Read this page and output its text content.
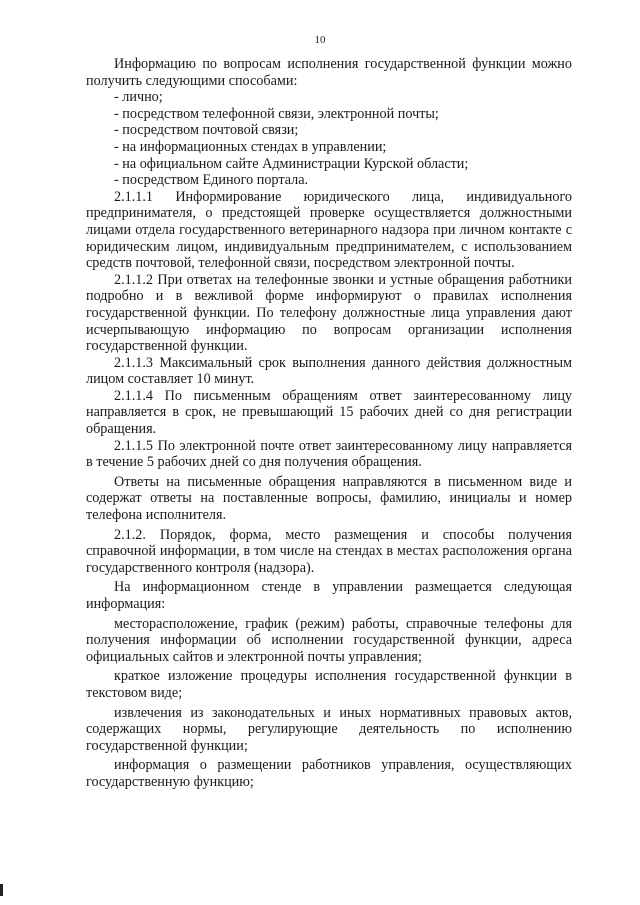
10

Информацию по вопросам исполнения государственной функции можно получить следующими способами:

- лично;

- посредством телефонной связи, электронной почты;

- посредством почтовой связи;

- на информационных стендах в управлении;

- на официальном сайте Администрации Курской области;

- посредством Единого портала.

2.1.1.1 Информирование юридического лица, индивидуального предпринимателя, о предстоящей проверке осуществляется должностными лицами отдела государственного ветеринарного надзора при личном контакте с юридическим лицом, индивидуальным предпринимателем, с использованием средств почтовой, телефонной связи, посредством электронной почты.

2.1.1.2 При ответах на телефонные звонки и устные обращения работники подробно и в вежливой форме информируют о правилах исполнения государственной функции. По телефону должностные лица управления дают исчерпывающую информацию по вопросам организации исполнения государственной функции.

2.1.1.3 Максимальный срок выполнения данного действия должностным лицом составляет 10 минут.

2.1.1.4 По письменным обращениям ответ заинтересованному лицу направляется в срок, не превышающий 15 рабочих дней со дня регистрации обращения.

2.1.1.5 По электронной почте ответ заинтересованному лицу направляется в течение 5 рабочих дней со дня получения обращения.

Ответы на письменные обращения направляются в письменном виде и содержат ответы на поставленные вопросы, фамилию, инициалы и номер телефона исполнителя.

2.1.2. Порядок, форма, место размещения и способы получения справочной информации, в том числе на стендах в местах расположения органа государственного контроля (надзора).

На информационном стенде в управлении размещается следующая информация:

месторасположение, график (режим) работы, справочные телефоны для получения информации об исполнении государственной функции, адреса официальных сайтов и электронной почты управления;

краткое изложение процедуры исполнения государственной функции в текстовом виде;

извлечения из законодательных и иных нормативных правовых актов, содержащих нормы, регулирующие деятельность по исполнению государственной функции;

информация о размещении работников управления, осуществляющих государственную функцию;
